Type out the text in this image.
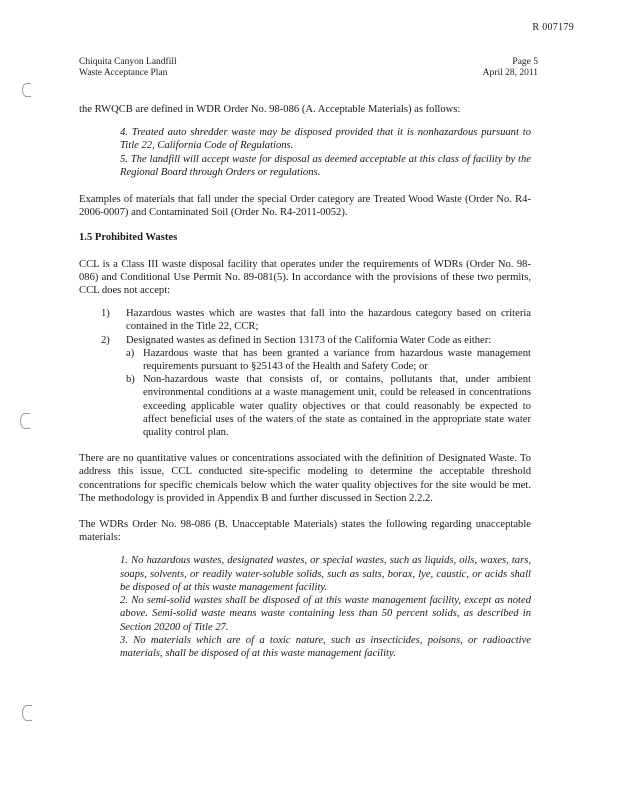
R 007179
Chiquita Canyon Landfill
Waste Acceptance Plan
Page 5
April 28, 2011

the RWQCB are defined in WDR Order No. 98-086 (A. Acceptable Materials) as follows:

4. Treated auto shredder waste may be disposed provided that it is nonhazardous pursuant to Title 22, California Code of Regulations.

5. The landfill will accept waste for disposal as deemed acceptable at this class of facility by the Regional Board through Orders or regulations.

Examples of materials that fall under the special Order category are Treated Wood Waste (Order No. R4-2006-0007) and Contaminated Soil (Order No. R4-2011-0052).

1.5 Prohibited Wastes

CCL is a Class III waste disposal facility that operates under the requirements of WDRs (Order No. 98-086) and Conditional Use Permit No. 89-081(5). In accordance with the provisions of these two permits, CCL does not accept:

1) Hazardous wastes which are wastes that fall into the hazardous category based on criteria contained in the Title 22, CCR;
2) Designated wastes as defined in Section 13173 of the California Water Code as either:
a) Hazardous waste that has been granted a variance from hazardous waste management requirements pursuant to §25143 of the Health and Safety Code; or
b) Non-hazardous waste that consists of, or contains, pollutants that, under ambient environmental conditions at a waste management unit, could be released in concentrations exceeding applicable water quality objectives or that could reasonably be expected to affect beneficial uses of the waters of the state as contained in the appropriate state water quality control plan.

There are no quantitative values or concentrations associated with the definition of Designated Waste. To address this issue, CCL conducted site-specific modeling to determine the acceptable threshold concentrations for specific chemicals below which the water quality objectives for the site would be met. The methodology is provided in Appendix B and further discussed in Section 2.2.2.

The WDRs Order No. 98-086 (B. Unacceptable Materials) states the following regarding unacceptable materials:

1. No hazardous wastes, designated wastes, or special wastes, such as liquids, oils, waxes, tars, soaps, solvents, or readily water-soluble solids, such as salts, borax, lye, caustic, or acids shall be disposed of at this waste management facility.

2. No semi-solid wastes shall be disposed of at this waste management facility, except as noted above. Semi-solid waste means waste containing less than 50 percent solids, as described in Section 20200 of Title 27.

3. No materials which are of a toxic nature, such as insecticides, poisons, or radioactive materials, shall be disposed of at this waste management facility.
